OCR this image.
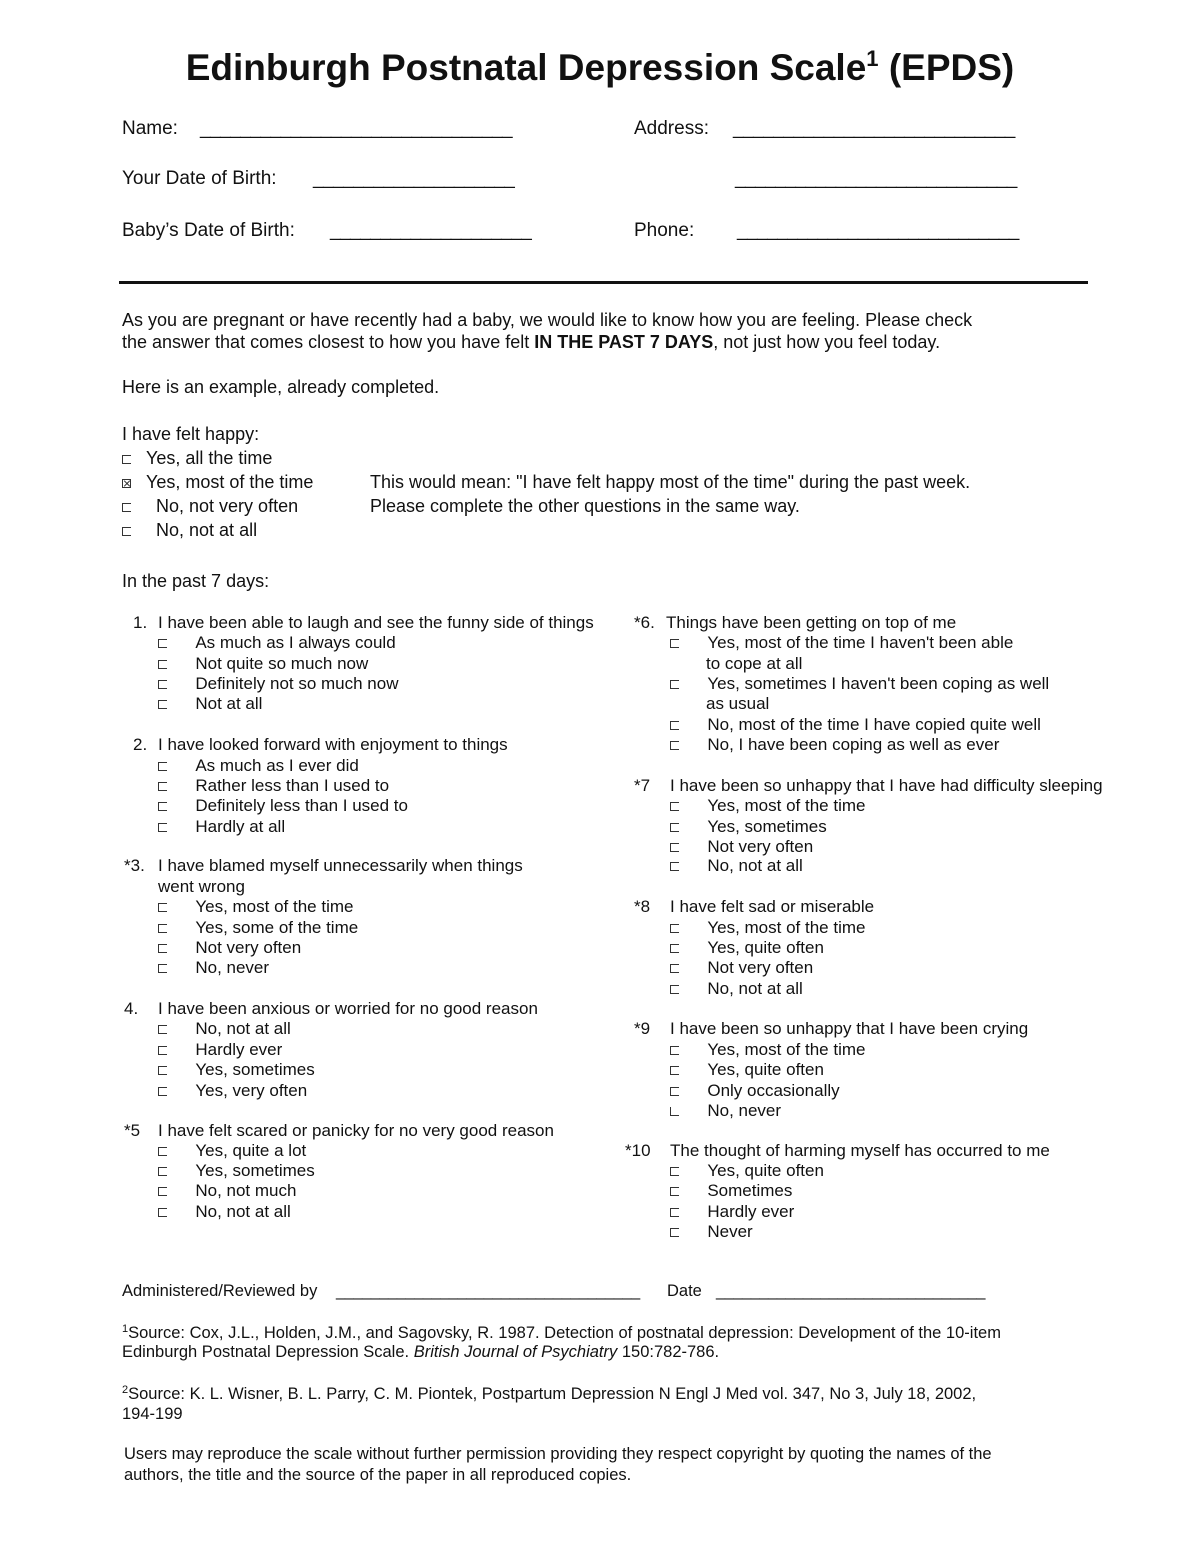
Edinburgh Postnatal Depression Scale$^1$ (EPDS)
Name: _______________________________	Address: ____________________________
Your Date of Birth: ____________________	____________________________
Baby’s Date of Birth: ____________________	Phone: ____________________________
As you are pregnant or have recently had a baby, we would like to know how you are feeling. Please check
the answer that comes closest to how you have felt IN THE PAST 7 DAYS, not just how you feel today.
Here is an example, already completed.
I have felt happy:
Yes, all the time
Yes, most of the time
No, not very often
No, not at all
This would mean: "I have felt happy most of the time" during the past week.
Please complete the other questions in the same way.
In the past 7 days:
1. I have been able to laugh and see the funny side of things
As much as I always could
Not quite so much now
Definitely not so much now
Not at all
2. I have looked forward with enjoyment to things
As much as I ever did
Rather less than I used to
Definitely less than I used to
Hardly at all
*3. I have blamed myself unnecessarily when things
went wrong
Yes, most of the time
Yes, some of the time
Not very often
No, never
4. I have been anxious or worried for no good reason
No, not at all
Hardly ever
Yes, sometimes
Yes, very often
*5 I have felt scared or panicky for no very good reason
Yes, quite a lot
Yes, sometimes
No, not much
No, not at all
*6. Things have been getting on top of me
Yes, most of the time I haven't been able
to cope at all
Yes, sometimes I haven't been coping as well
as usual
No, most of the time I have copied quite well
No, I have been coping as well as ever
*7 I have been so unhappy that I have had difficulty sleeping
Yes, most of the time
Yes, sometimes
Not very often
No, not at all
*8 I have felt sad or miserable
Yes, most of the time
Yes, quite often
Not very often
No, not at all
*9 I have been so unhappy that I have been crying
Yes, most of the time
Yes, quite often
Only occasionally
No, never
*10 The thought of harming myself has occurred to me
Yes, quite often
Sometimes
Hardly ever
Never
Administered/Reviewed by ___________________________________ Date _______________________________
$^1$Source: Cox, J.L., Holden, J.M., and Sagovsky, R. 1987. Detection of postnatal depression: Development of the 10-item
Edinburgh Postnatal Depression Scale. British Journal of Psychiatry 150:782-786.
$^2$Source: K. L. Wisner, B. L. Parry, C. M. Piontek, Postpartum Depression N Engl J Med vol. 347, No 3, July 18, 2002,
194-199
Users may reproduce the scale without further permission providing they respect copyright by quoting the names of the
authors, the title and the source of the paper in all reproduced copies.
